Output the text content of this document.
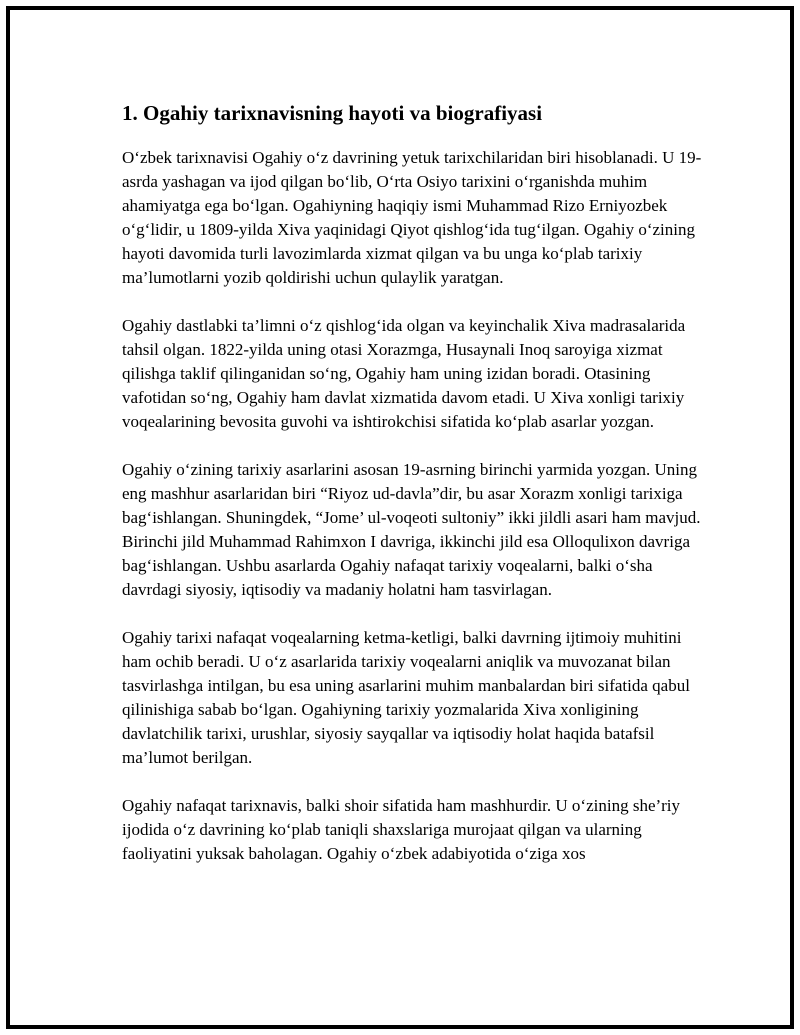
1. Ogahiy tarixnavisning hayoti va biografiyasi

O‘zbek tarixnavisi Ogahiy o‘z davrining yetuk tarixchilaridan biri hisoblanadi. U 19-asrda yashagan va ijod qilgan bo‘lib, O‘rta Osiyo tarixini o‘rganishda muhim ahamiyatga ega bo‘lgan. Ogahiyning haqiqiy ismi Muhammad Rizo Erniyozbek o‘g‘lidir, u 1809-yilda Xiva yaqinidagi Qiyot qishlog‘ida tug‘ilgan. Ogahiy o‘zining hayoti davomida turli lavozimlarda xizmat qilgan va bu unga ko‘plab tarixiy ma’lumotlarni yozib qoldirishi uchun qulaylik yaratgan.

Ogahiy dastlabki ta’limni o‘z qishlog‘ida olgan va keyinchalik Xiva madrasalarida tahsil olgan. 1822-yilda uning otasi Xorazmga, Husaynali Inoq saroyiga xizmat qilishga taklif qilinganidan so‘ng, Ogahiy ham uning izidan boradi. Otasining vafotidan so‘ng, Ogahiy ham davlat xizmatida davom etadi. U Xiva xonligi tarixiy voqealarining bevosita guvohi va ishtirokchisi sifatida ko‘plab asarlar yozgan.

Ogahiy o‘zining tarixiy asarlarini asosan 19-asrning birinchi yarmida yozgan. Uning eng mashhur asarlaridan biri “Riyoz ud-davla”dir, bu asar Xorazm xonligi tarixiga bag‘ishlangan. Shuningdek, “Jome’ ul-voqeoti sultoniy” ikki jildli asari ham mavjud. Birinchi jild Muhammad Rahimxon I davriga, ikkinchi jild esa Olloqulixon davriga bag‘ishlangan. Ushbu asarlarda Ogahiy nafaqat tarixiy voqealarni, balki o‘sha davrdagi siyosiy, iqtisodiy va madaniy holatni ham tasvirlagan.

Ogahiy tarixi nafaqat voqealarning ketma-ketligi, balki davrning ijtimoiy muhitini ham ochib beradi. U o‘z asarlarida tarixiy voqealarni aniqlik va muvozanat bilan tasvirlashga intilgan, bu esa uning asarlarini muhim manbalardan biri sifatida qabul qilinishiga sabab bo‘lgan. Ogahiyning tarixiy yozmalarida Xiva xonligining davlatchilik tarixi, urushlar, siyosiy sayqallar va iqtisodiy holat haqida batafsil ma’lumot berilgan.

Ogahiy nafaqat tarixnavis, balki shoir sifatida ham mashhurdir. U o‘zining she’riy ijodida o‘z davrining ko‘plab taniqli shaxslariga murojaat qilgan va ularning faoliyatini yuksak baholagan. Ogahiy o‘zbek adabiyotida o‘ziga xos
